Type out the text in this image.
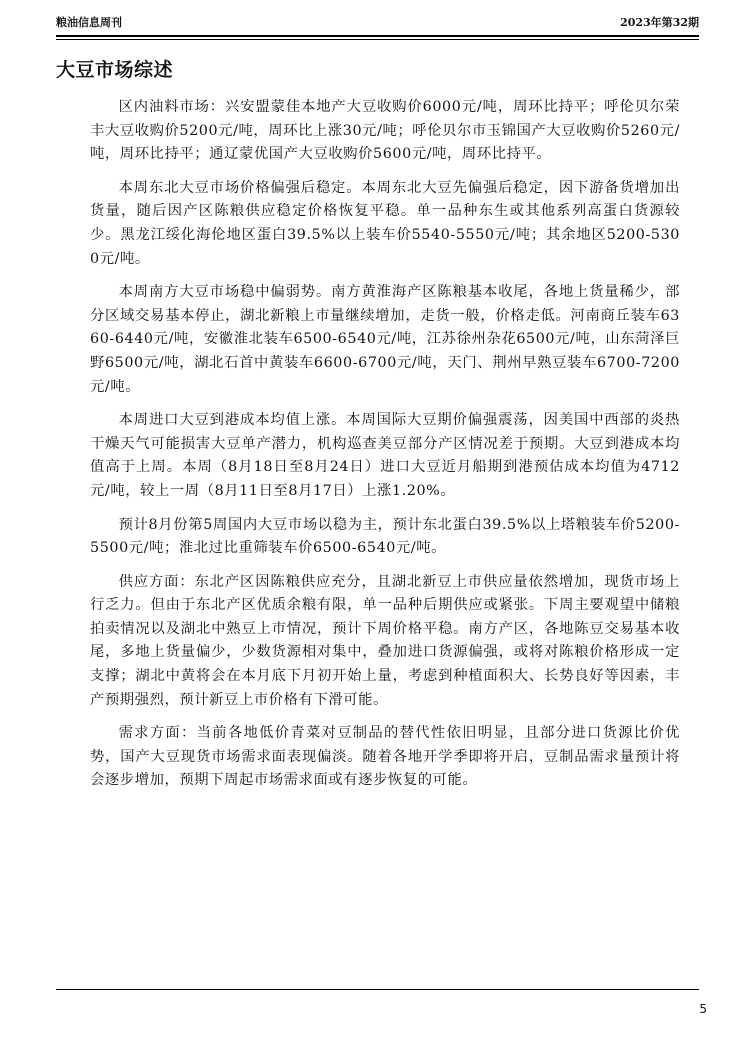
粮油信息周刊	2023年第32期
大豆市场综述

区内油料市场：兴安盟蒙佳本地产大豆收购价6000元/吨，周环比持平；呼伦贝尔荣丰大豆收购价5200元/吨，周环比上涨30元/吨；呼伦贝尔市玉锦国产大豆收购价5260元/吨，周环比持平；通辽蒙优国产大豆收购价5600元/吨，周环比持平。

本周东北大豆市场价格偏强后稳定。本周东北大豆先偏强后稳定，因下游备货增加出货量，随后因产区陈粮供应稳定价格恢复平稳。单一品种东生或其他系列高蛋白货源较少。黑龙江绥化海伦地区蛋白39.5%以上装车价5540-5550元/吨；其余地区5200-5300元/吨。

本周南方大豆市场稳中偏弱势。南方黄淮海产区陈粮基本收尾，各地上货量稀少，部分区域交易基本停止，湖北新粮上市量继续增加，走货一般，价格走低。河南商丘装车6360-6440元/吨，安徽淮北装车6500-6540元/吨，江苏徐州杂花6500元/吨，山东菏泽巨野6500元/吨，湖北石首中黄装车6600-6700元/吨，天门、荆州早熟豆装车6700-7200元/吨。

本周进口大豆到港成本均值上涨。本周国际大豆期价偏强震荡，因美国中西部的炎热干燥天气可能损害大豆单产潜力，机构巡查美豆部分产区情况差于预期。大豆到港成本均值高于上周。本周（8月18日至8月24日）进口大豆近月船期到港预估成本均值为4712元/吨，较上一周（8月11日至8月17日）上涨1.20%。

预计8月份第5周国内大豆市场以稳为主，预计东北蛋白39.5%以上塔粮装车价5200-5500元/吨；淮北过比重筛装车价6500-6540元/吨。

供应方面：东北产区因陈粮供应充分，且湖北新豆上市供应量依然增加，现货市场上行乏力。但由于东北产区优质余粮有限，单一品种后期供应或紧张。下周主要观望中储粮拍卖情况以及湖北中熟豆上市情况，预计下周价格平稳。南方产区，各地陈豆交易基本收尾，多地上货量偏少，少数货源相对集中，叠加进口货源偏强，或将对陈粮价格形成一定支撑；湖北中黄将会在本月底下月初开始上量，考虑到种植面积大、长势良好等因素，丰产预期强烈，预计新豆上市价格有下滑可能。

需求方面：当前各地低价青菜对豆制品的替代性依旧明显，且部分进口货源比价优势，国产大豆现货市场需求面表现偏淡。随着各地开学季即将开启，豆制品需求量预计将会逐步增加，预期下周起市场需求面或有逐步恢复的可能。

5
